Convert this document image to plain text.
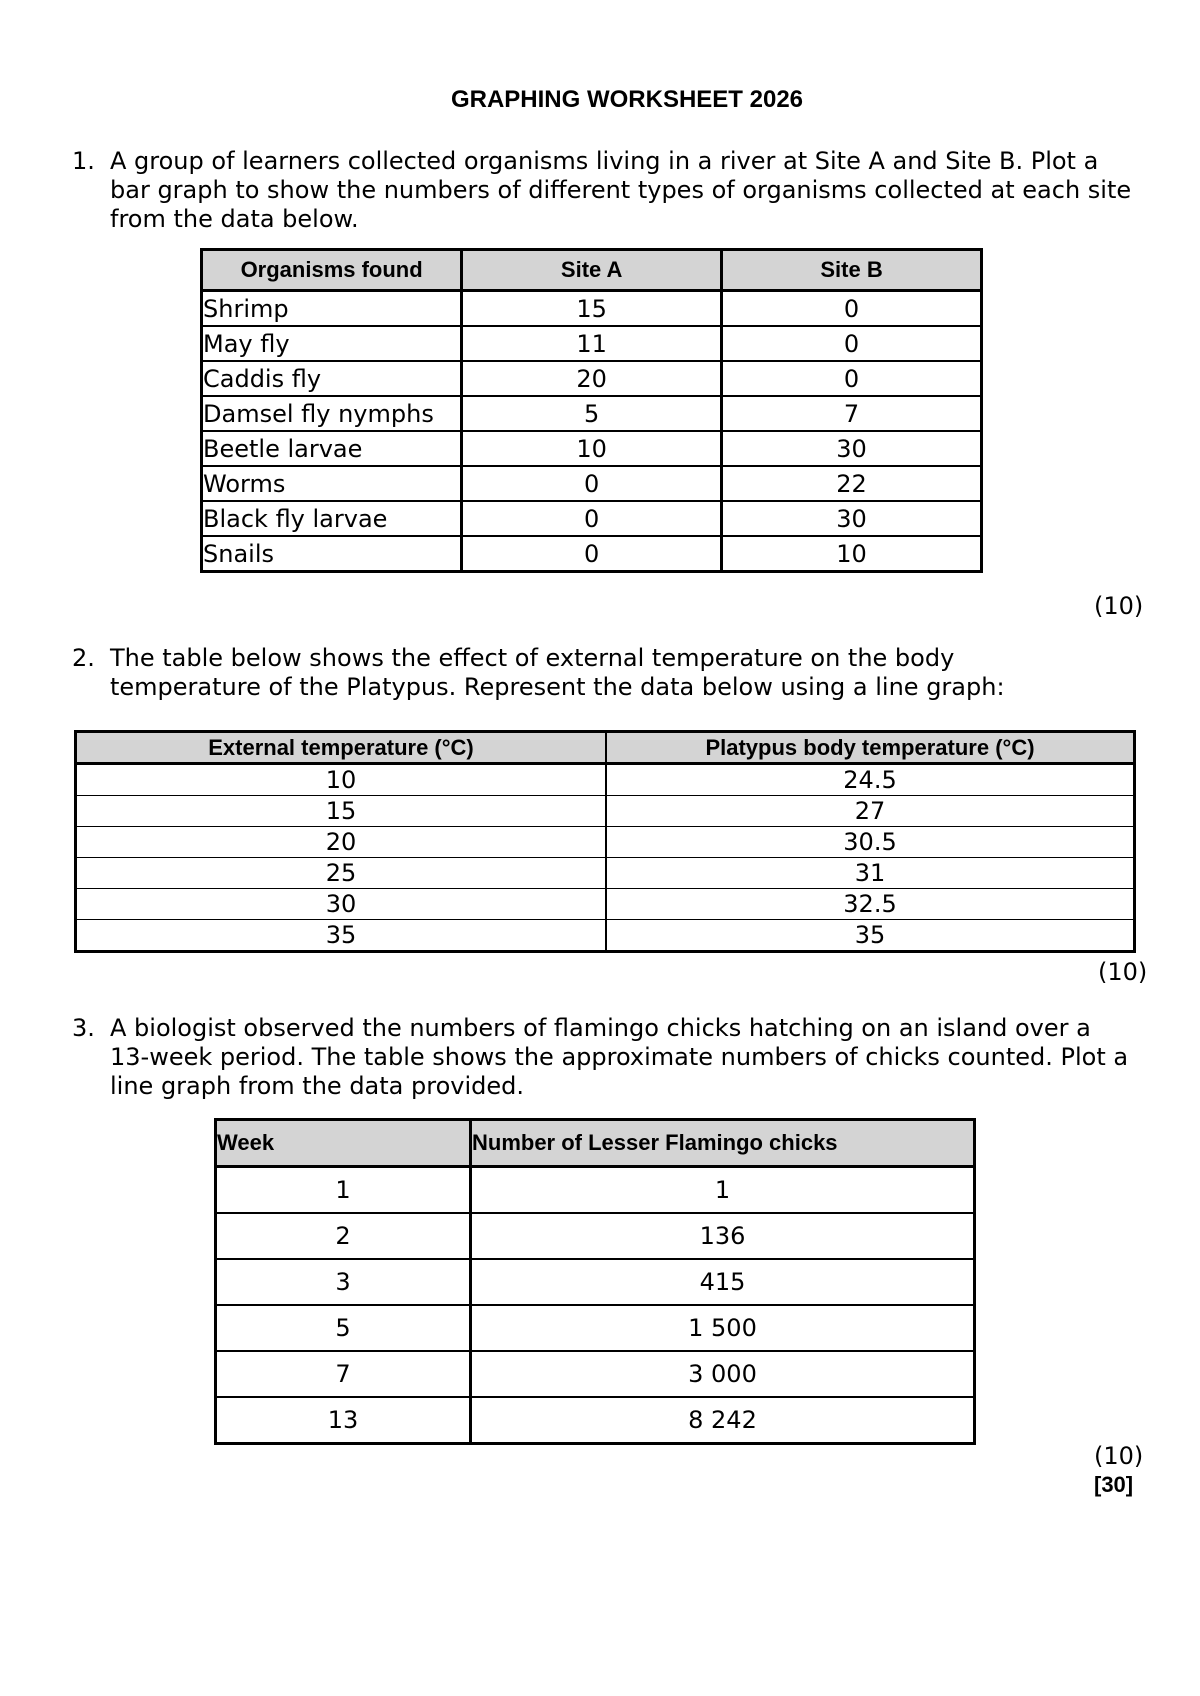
GRAPHING WORKSHEET 2026
1. A group of learners collected organisms living in a river at Site A and Site B. Plot a bar graph to show the numbers of different types of organisms collected at each site from the data below.
Organisms found	Site A	Site B
Shrimp	15	0
May fly	11	0
Caddis fly	20	0
Damsel fly nymphs	5	7
Beetle larvae	10	30
Worms	0	22
Black fly larvae	0	30
Snails	0	10
(10)
2. The table below shows the effect of external temperature on the body temperature of the Platypus. Represent the data below using a line graph:
External temperature (°C)	Platypus body temperature (°C)
10	24.5
15	27
20	30.5
25	31
30	32.5
35	35
(10)
3. A biologist observed the numbers of flamingo chicks hatching on an island over a 13-week period. The table shows the approximate numbers of chicks counted. Plot a line graph from the data provided.
Week	Number of Lesser Flamingo chicks
1	1
2	136
3	415
5	1 500
7	3 000
13	8 242
(10)
[30]
